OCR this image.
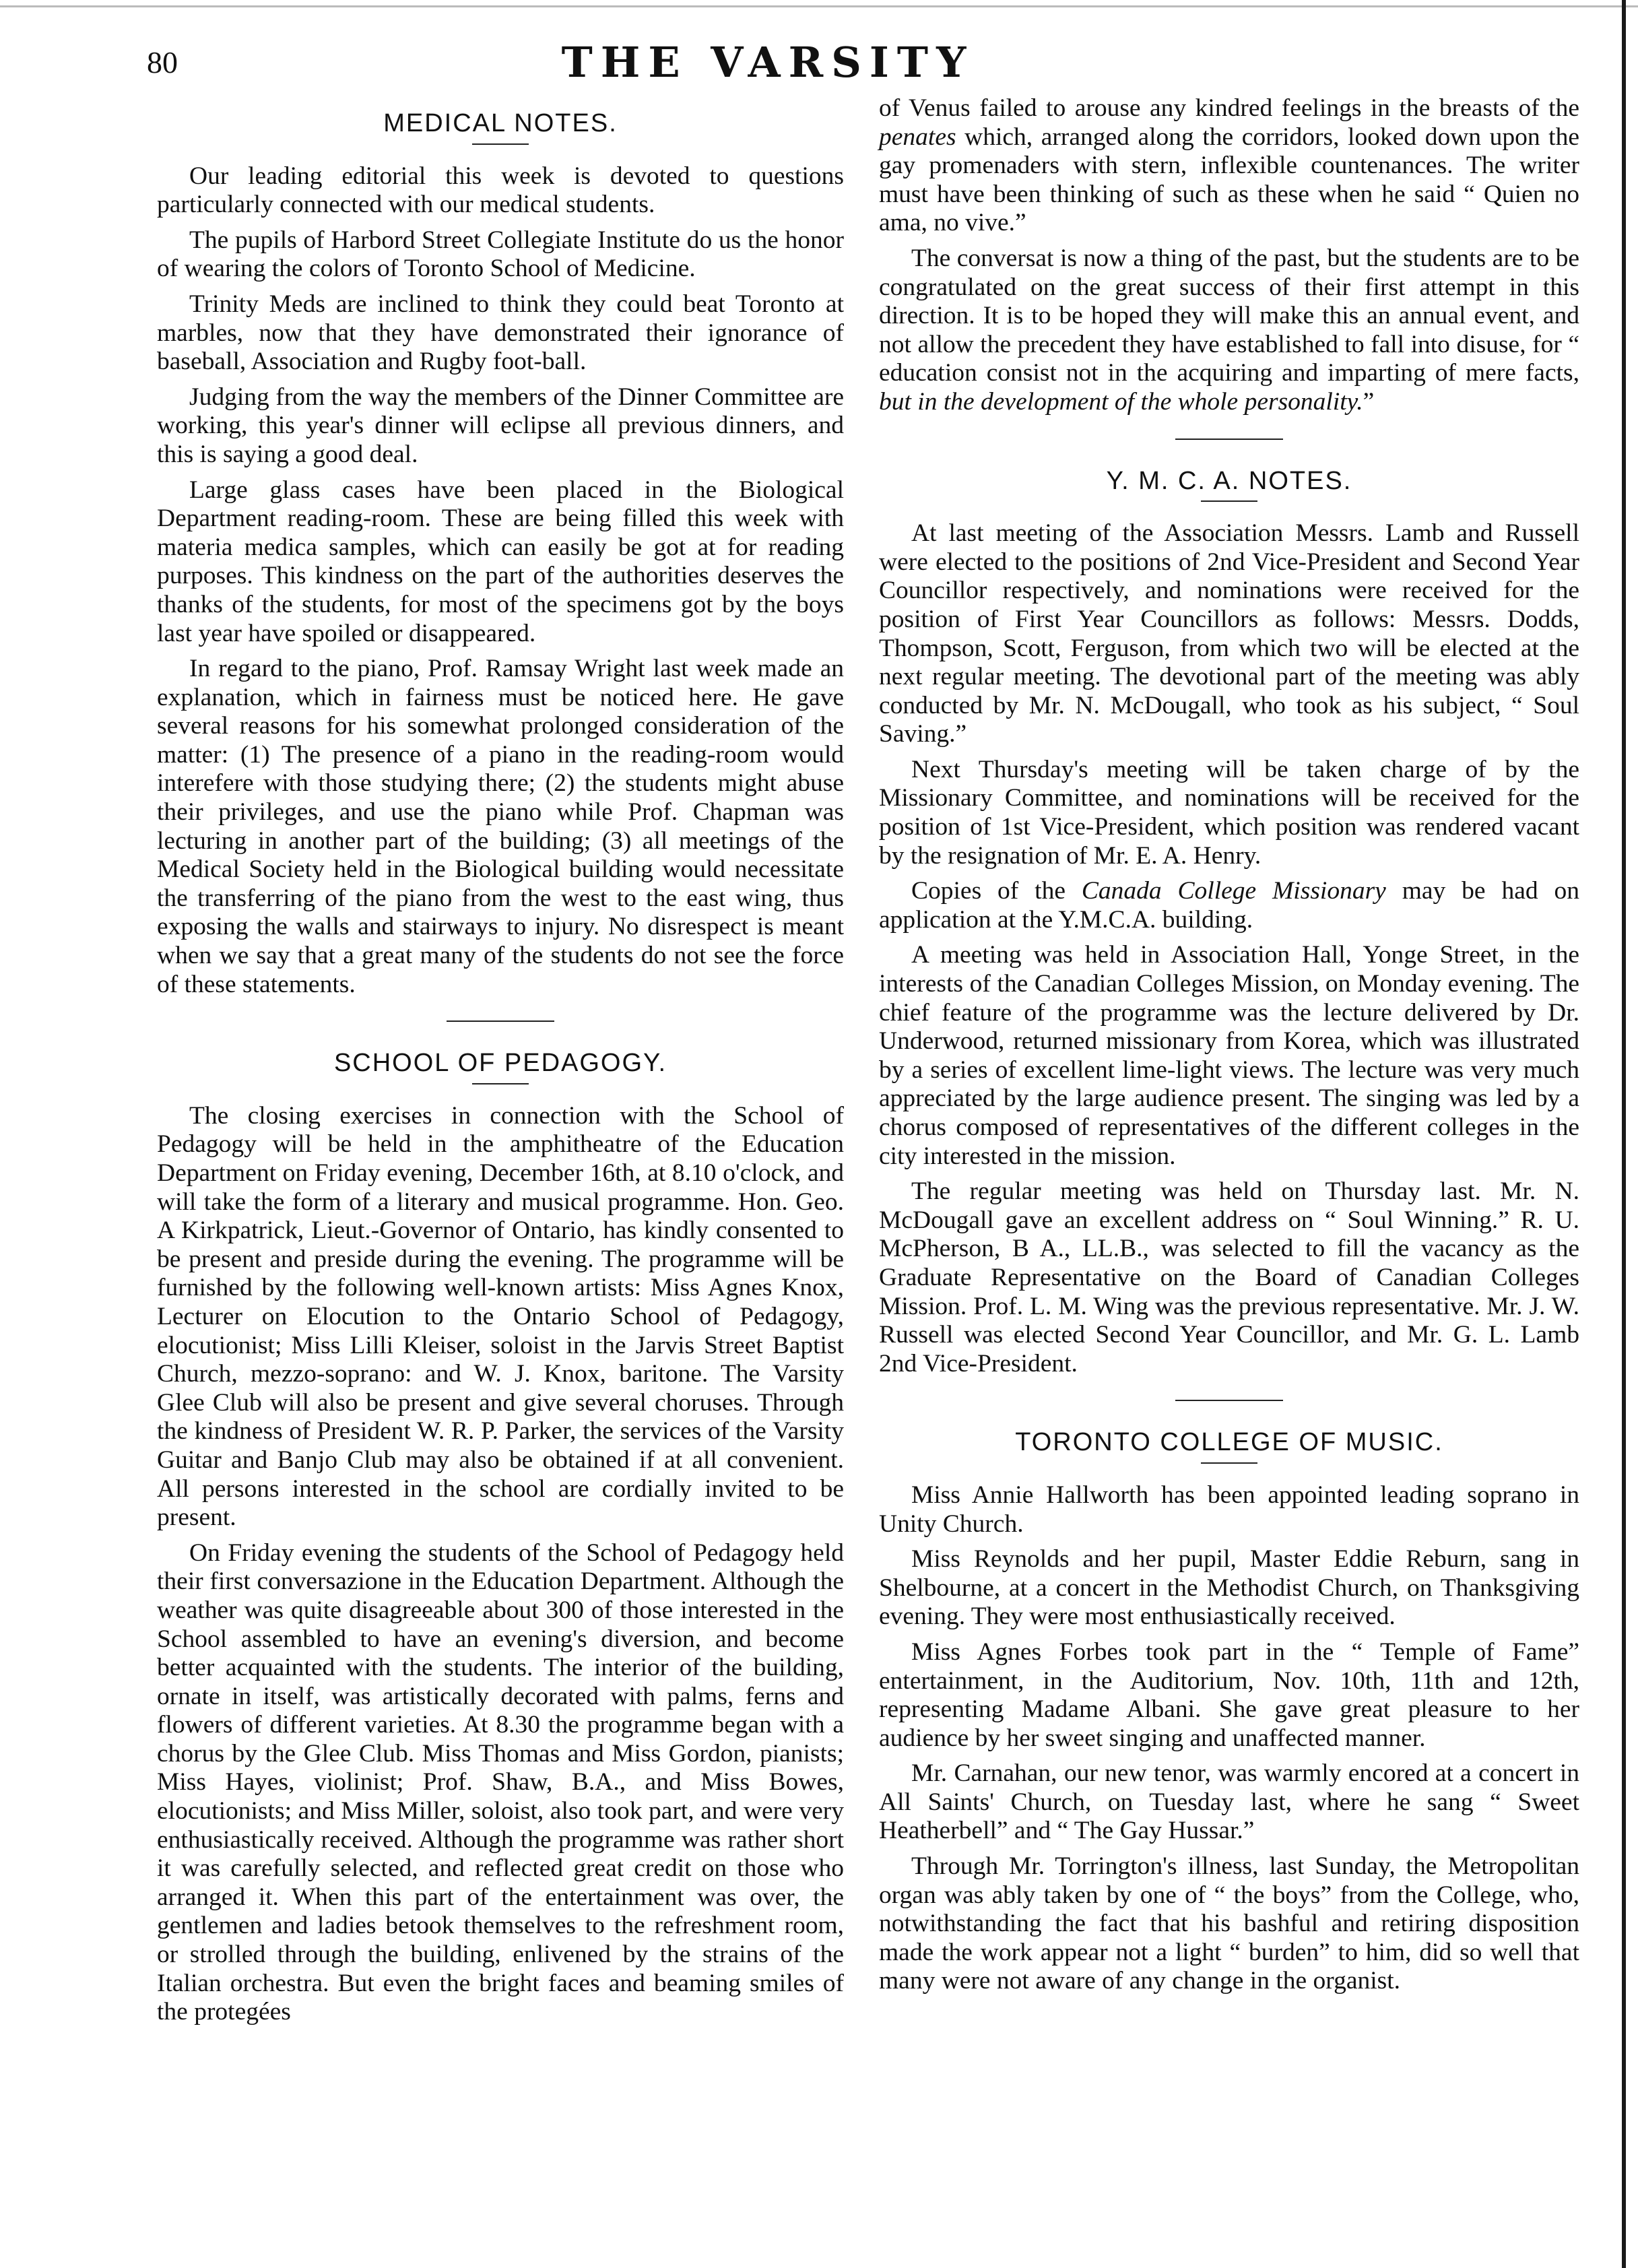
80	THE VARSITY
MEDICAL NOTES.

Our leading editorial this week is devoted to questions particularly connected with our medical students.

The pupils of Harbord Street Collegiate Institute do us the honor of wearing the colors of Toronto School of Medicine.

Trinity Meds are inclined to think they could beat Toronto at marbles, now that they have demonstrated their ignorance of baseball, Association and Rugby foot-ball.

Judging from the way the members of the Dinner Committee are working, this year's dinner will eclipse all previous dinners, and this is saying a good deal.

Large glass cases have been placed in the Biological Department reading-room. These are being filled this week with materia medica samples, which can easily be got at for reading purposes. This kindness on the part of the authorities deserves the thanks of the students, for most of the specimens got by the boys last year have spoiled or disappeared.

In regard to the piano, Prof. Ramsay Wright last week made an explanation, which in fairness must be noticed here. He gave several reasons for his somewhat prolonged consideration of the matter: (1) The presence of a piano in the reading-room would interefere with those studying there; (2) the students might abuse their privileges, and use the piano while Prof. Chapman was lecturing in another part of the building; (3) all meetings of the Medical Society held in the Biological building would necessitate the transferring of the piano from the west to the east wing, thus exposing the walls and stairways to injury. No disrespect is meant when we say that a great many of the students do not see the force of these statements.

SCHOOL OF PEDAGOGY.

The closing exercises in connection with the School of Pedagogy will be held in the amphitheatre of the Education Department on Friday evening, December 16th, at 8.10 o'clock, and will take the form of a literary and musical programme. Hon. Geo. A Kirkpatrick, Lieut.-Governor of Ontario, has kindly consented to be present and preside during the evening. The programme will be furnished by the following well-known artists: Miss Agnes Knox, Lecturer on Elocution to the Ontario School of Pedagogy, elocutionist; Miss Lilli Kleiser, soloist in the Jarvis Street Baptist Church, mezzo-soprano: and W. J. Knox, baritone. The Varsity Glee Club will also be present and give several choruses. Through the kindness of President W. R. P. Parker, the services of the Varsity Guitar and Banjo Club may also be obtained if at all convenient. All persons interested in the school are cordially invited to be present.

On Friday evening the students of the School of Pedagogy held their first conversazione in the Education Department. Although the weather was quite disagreeable about 300 of those interested in the School assembled to have an evening's diversion, and become better acquainted with the students. The interior of the building, ornate in itself, was artistically decorated with palms, ferns and flowers of different varieties. At 8.30 the programme began with a chorus by the Glee Club. Miss Thomas and Miss Gordon, pianists; Miss Hayes, violinist; Prof. Shaw, B.A., and Miss Bowes, elocutionists; and Miss Miller, soloist, also took part, and were very enthusiastically received. Although the programme was rather short it was carefully selected, and reflected great credit on those who arranged it. When this part of the entertainment was over, the gentlemen and ladies betook themselves to the refreshment room, or strolled through the building, enlivened by the strains of the Italian orchestra. But even the bright faces and beaming smiles of the protegées

of Venus failed to arouse any kindred feelings in the breasts of the penates which, arranged along the corridors, looked down upon the gay promenaders with stern, inflexible countenances. The writer must have been thinking of such as these when he said “ Quien no ama, no vive.”

The conversat is now a thing of the past, but the students are to be congratulated on the great success of their first attempt in this direction. It is to be hoped they will make this an annual event, and not allow the precedent they have established to fall into disuse, for “ education consist not in the acquiring and imparting of mere facts, but in the development of the whole personality.”

Y. M. C. A. NOTES.

At last meeting of the Association Messrs. Lamb and Russell were elected to the positions of 2nd Vice-President and Second Year Councillor respectively, and nominations were received for the position of First Year Councillors as follows: Messrs. Dodds, Thompson, Scott, Ferguson, from which two will be elected at the next regular meeting. The devotional part of the meeting was ably conducted by Mr. N. McDougall, who took as his subject, “ Soul Saving.”

Next Thursday's meeting will be taken charge of by the Missionary Committee, and nominations will be received for the position of 1st Vice-President, which position was rendered vacant by the resignation of Mr. E. A. Henry.

Copies of the Canada College Missionary may be had on application at the Y.M.C.A. building.

A meeting was held in Association Hall, Yonge Street, in the interests of the Canadian Colleges Mission, on Monday evening. The chief feature of the programme was the lecture delivered by Dr. Underwood, returned missionary from Korea, which was illustrated by a series of excellent lime-light views. The lecture was very much appreciated by the large audience present. The singing was led by a chorus composed of representatives of the different colleges in the city interested in the mission.

The regular meeting was held on Thursday last. Mr. N. McDougall gave an excellent address on “ Soul Winning.” R. U. McPherson, B A., LL.B., was selected to fill the vacancy as the Graduate Representative on the Board of Canadian Colleges Mission. Prof. L. M. Wing was the previous representative. Mr. J. W. Russell was elected Second Year Councillor, and Mr. G. L. Lamb 2nd Vice-President.

TORONTO COLLEGE OF MUSIC.

Miss Annie Hallworth has been appointed leading soprano in Unity Church.

Miss Reynolds and her pupil, Master Eddie Reburn, sang in Shelbourne, at a concert in the Methodist Church, on Thanksgiving evening. They were most enthusiastically received.

Miss Agnes Forbes took part in the “ Temple of Fame” entertainment, in the Auditorium, Nov. 10th, 11th and 12th, representing Madame Albani. She gave great pleasure to her audience by her sweet singing and unaffected manner.

Mr. Carnahan, our new tenor, was warmly encored at a concert in All Saints' Church, on Tuesday last, where he sang “ Sweet Heatherbell” and “ The Gay Hussar.”

Through Mr. Torrington's illness, last Sunday, the Metropolitan organ was ably taken by one of “ the boys” from the College, who, notwithstanding the fact that his bashful and retiring disposition made the work appear not a light “ burden” to him, did so well that many were not aware of any change in the organist.
